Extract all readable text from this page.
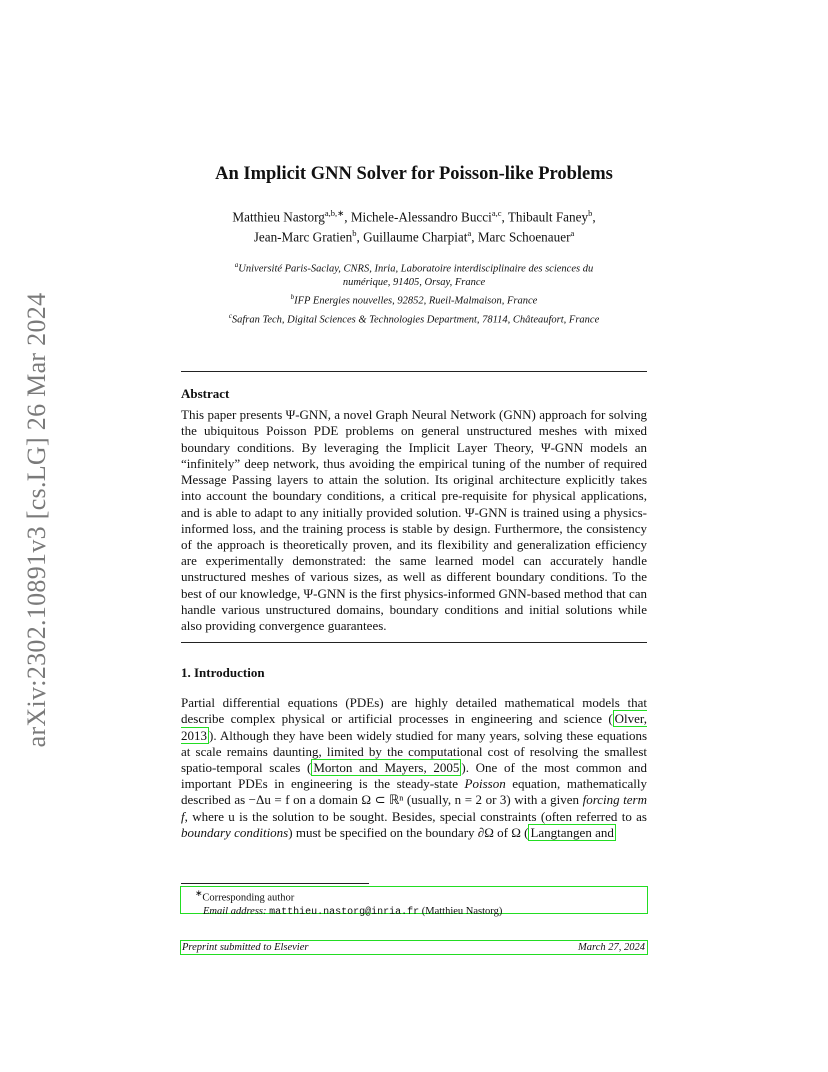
arXiv:2302.10891v3 [cs.LG] 26 Mar 2024
An Implicit GNN Solver for Poisson-like Problems
Matthieu Nastorg$^{a,b,∗}$, Michele-Alessandro Bucci$^{a,c}$, Thibault Faney$^b$,
Jean-Marc Gratien$^b$, Guillaume Charpiat$^a$, Marc Schoenauer$^a$
$^a$Université Paris-Saclay, CNRS, Inria, Laboratoire interdisciplinaire des sciences du
numérique, 91405, Orsay, France
$^b$IFP Energies nouvelles, 92852, Rueil-Malmaison, France
$^c$Safran Tech, Digital Sciences & Technologies Department, 78114, Châteaufort, France
Abstract
This paper presents Ψ-GNN, a novel Graph Neural Network (GNN) approach for solving the ubiquitous Poisson PDE problems on general unstructured meshes with mixed boundary conditions. By leveraging the Implicit Layer Theory, Ψ-GNN models an “infinitely” deep network, thus avoiding the empirical tuning of the number of required Message Passing layers to attain the solution. Its original architecture explicitly takes into account the boundary conditions, a critical pre-requisite for physical applications, and is able to adapt to any initially provided solution. Ψ-GNN is trained using a physics-informed loss, and the training process is stable by design. Furthermore, the consistency of the approach is theoretically proven, and its flexibility and generalization efficiency are experimentally demonstrated: the same learned model can accurately handle unstructured meshes of various sizes, as well as different boundary conditions. To the best of our knowledge, Ψ-GNN is the first physics-informed GNN-based method that can handle various unstructured domains, boundary conditions and initial solutions while also providing convergence guarantees.
1. Introduction
Partial differential equations (PDEs) are highly detailed mathematical models that describe complex physical or artificial processes in engineering and science ( Olver, 2013 ). Although they have been widely studied for many years, solving these equations at scale remains daunting, limited by the computational cost of resolving the smallest spatio-temporal scales ( Morton and Mayers, 2005 ). One of the most common and important PDEs in engineering is the steady-state Poisson equation, mathematically described as −Δu = f on a domain Ω ⊂ ℝⁿ (usually, n = 2 or 3) with a given forcing term f, where u is the solution to be sought. Besides, special constraints (often referred to as boundary conditions) must be specified on the boundary ∂Ω of Ω ( Langtangen and
∗Corresponding author
Email address: matthieu.nastorg@inria.fr (Matthieu Nastorg)
Preprint submitted to Elsevier	March 27, 2024
